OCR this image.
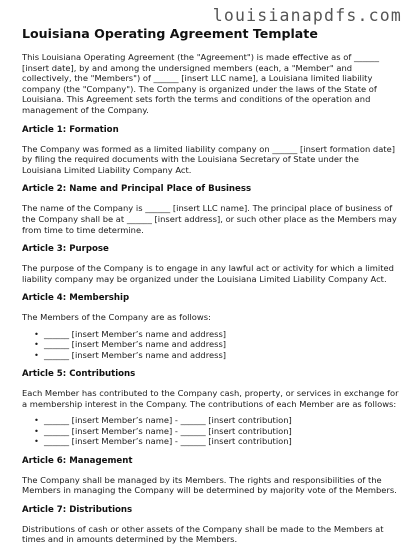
louisianapdfs.com
Louisiana Operating Agreement Template

This Louisiana Operating Agreement (the "Agreement") is made effective as of ______ [insert date], by and among the undersigned members (each, a "Member" and collectively, the "Members") of ______ [insert LLC name], a Louisiana limited liability company (the "Company"). The Company is organized under the laws of the State of Louisiana. This Agreement sets forth the terms and conditions of the operation and management of the Company.

Article 1: Formation

The Company was formed as a limited liability company on ______ [insert formation date] by filing the required documents with the Louisiana Secretary of State under the Louisiana Limited Liability Company Act.

Article 2: Name and Principal Place of Business

The name of the Company is ______ [insert LLC name]. The principal place of business of the Company shall be at ______ [insert address], or such other place as the Members may from time to time determine.

Article 3: Purpose

The purpose of the Company is to engage in any lawful act or activity for which a limited liability company may be organized under the Louisiana Limited Liability Company Act.

Article 4: Membership

The Members of the Company are as follows:

• ______ [insert Member’s name and address]
• ______ [insert Member’s name and address]
• ______ [insert Member’s name and address]
Article 5: Contributions

Each Member has contributed to the Company cash, property, or services in exchange for a membership interest in the Company. The contributions of each Member are as follows:

• ______ [insert Member’s name] - ______ [insert contribution]
• ______ [insert Member’s name] - ______ [insert contribution]
• ______ [insert Member’s name] - ______ [insert contribution]
Article 6: Management

The Company shall be managed by its Members. The rights and responsibilities of the Members in managing the Company will be determined by majority vote of the Members.

Article 7: Distributions

Distributions of cash or other assets of the Company shall be made to the Members at times and in amounts determined by the Members.
